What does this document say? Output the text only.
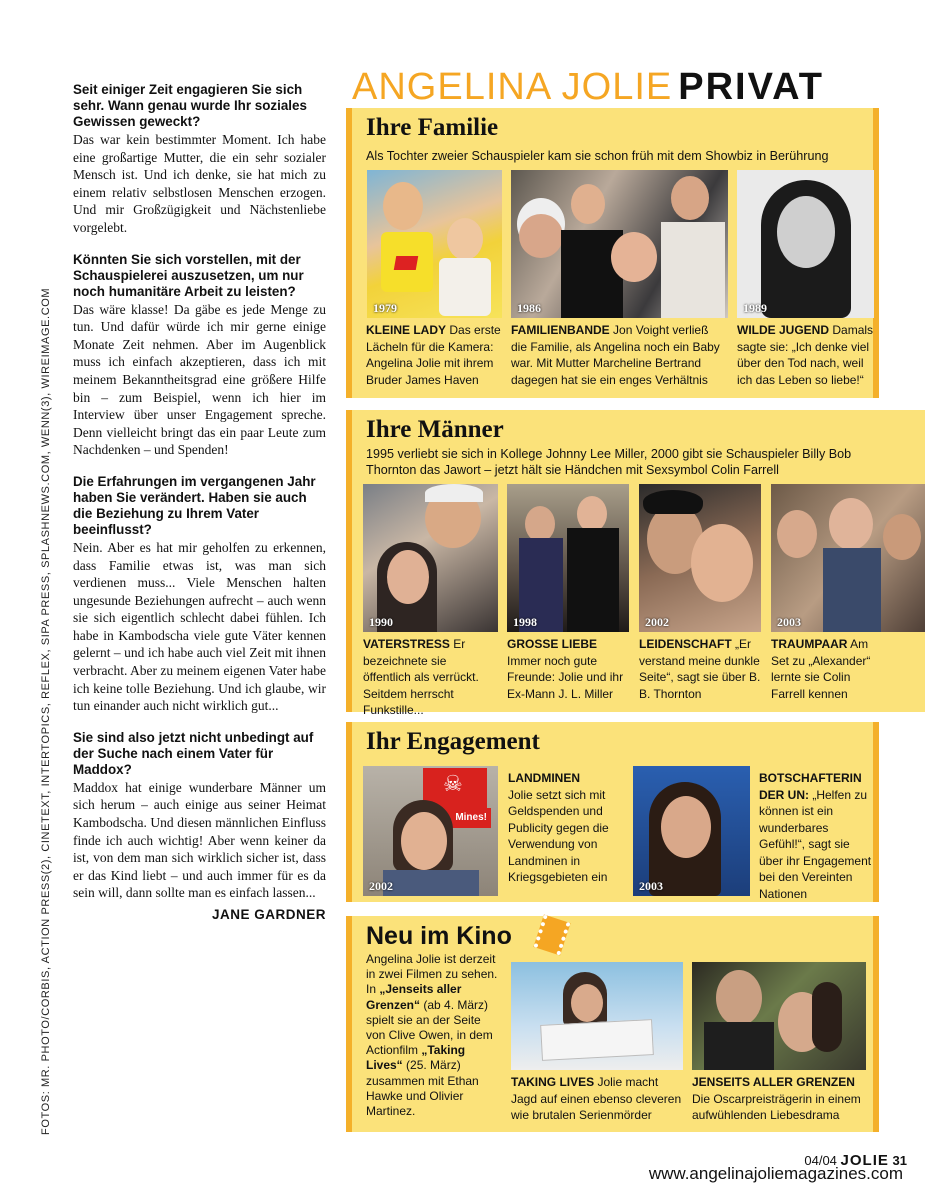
FOTOS: MR. PHOTO/CORBIS, ACTION PRESS(2), CINETEXT, INTERTOPICS, REFLEX, SIPA PRESS, SPLASHNEWS.COM, WENN(3), WIREIMAGE.COM

Seit einiger Zeit engagieren Sie sich sehr. Wann genau wurde Ihr soziales Gewissen geweckt?

Das war kein bestimmter Moment. Ich habe eine großartige Mutter, die ein sehr sozialer Mensch ist. Und ich denke, sie hat mich zu einem relativ selbstlosen Menschen erzogen. Und mir Großzügigkeit und Nächstenliebe vorgelebt.

Könnten Sie sich vorstellen, mit der Schauspielerei auszusetzen, um nur noch humanitäre Arbeit zu leisten?

Das wäre klasse! Da gäbe es jede Menge zu tun. Und dafür würde ich mir gerne einige Monate Zeit nehmen. Aber im Augenblick muss ich einfach akzeptieren, dass ich mit meinem Bekanntheitsgrad eine größere Hilfe bin – zum Beispiel, wenn ich hier im Interview über unser Engagement spreche. Denn vielleicht bringt das ein paar Leute zum Nachdenken – und Spenden!

Die Erfahrungen im vergangenen Jahr haben Sie verändert. Haben sie auch die Beziehung zu Ihrem Vater beeinflusst?

Nein. Aber es hat mir geholfen zu erkennen, dass Familie etwas ist, was man sich verdienen muss... Viele Menschen halten ungesunde Beziehungen aufrecht – auch wenn sie sich eigentlich schlecht dabei fühlen. Ich habe in Kambodscha viele gute Väter kennen gelernt – und ich habe auch viel Zeit mit ihnen verbracht. Aber zu meinem eigenen Vater habe ich keine tolle Beziehung. Und ich glaube, wir tun einander auch nicht wirklich gut...

Sie sind also jetzt nicht unbedingt auf der Suche nach einem Vater für Maddox?

Maddox hat einige wunderbare Männer um sich herum – auch einige aus seiner Heimat Kambodscha. Und diesen männlichen Einfluss finde ich auch wichtig! Aber wenn keiner da ist, von dem man sich wirklich sicher ist, dass er das Kind liebt – und auch immer für es da sein will, dann sollte man es einfach lassen...

JANE GARDNER
ANGELINA JOLIE PRIVAT
Ihre Familie
Als Tochter zweier Schauspieler kam sie schon früh mit dem Showbiz in Berührung
1979	1986	1989
KLEINE LADY Das erste Lächeln für die Kamera: Angelina Jolie mit ihrem Bruder James Haven
FAMILIENBANDE Jon Voight verließ die Familie, als Angelina noch ein Baby war. Mit Mutter Marcheline Bertrand dagegen hat sie ein enges Verhältnis
WILDE JUGEND Damals sagte sie: „Ich denke viel über den Tod nach, weil ich das Leben so liebe!“
Ihre Männer
1995 verliebt sie sich in Kollege Johnny Lee Miller, 2000 gibt sie Schauspieler Billy Bob Thornton das Jawort – jetzt hält sie Händchen mit Sexsymbol Colin Farrell
1990	1998	2002	2003
VATERSTRESS Er bezeichnete sie öffentlich als verrückt. Seitdem herrscht Funkstille...
GROSSE LIEBE Immer noch gute Freunde: Jolie und ihr Ex-Mann J. L. Miller
LEIDENSCHAFT „Er verstand meine dunkle Seite“, sagt sie über B. B. Thornton
TRAUMPAAR Am Set zu „Alexander“ lernte sie Colin Farrell kennen
Ihr Engagement
☠
Mines!
2002
LANDMINEN
Jolie setzt sich mit Geldspenden und Publicity gegen die Verwendung von Landminen in Kriegsgebieten ein
2003
BOTSCHAFTERIN DER UN: „Helfen zu können ist ein wunderbares Gefühl!“, sagt sie über ihr Engagement bei den Vereinten Nationen
Neu im Kino
Angelina Jolie ist derzeit in zwei Filmen zu sehen. In „Jenseits aller Grenzen“ (ab 4. März) spielt sie an der Seite von Clive Owen, in dem Actionfilm „Taking Lives“ (25. März) zusammen mit Ethan Hawke und Olivier Martinez.
TAKING LIVES Jolie macht Jagd auf einen ebenso cleveren wie brutalen Serienmörder
JENSEITS ALLER GRENZEN
Die Oscarpreisträgerin in einem aufwühlenden Liebesdrama
04/04 JOLIE 31
www.angelinajoliemagazines.com
